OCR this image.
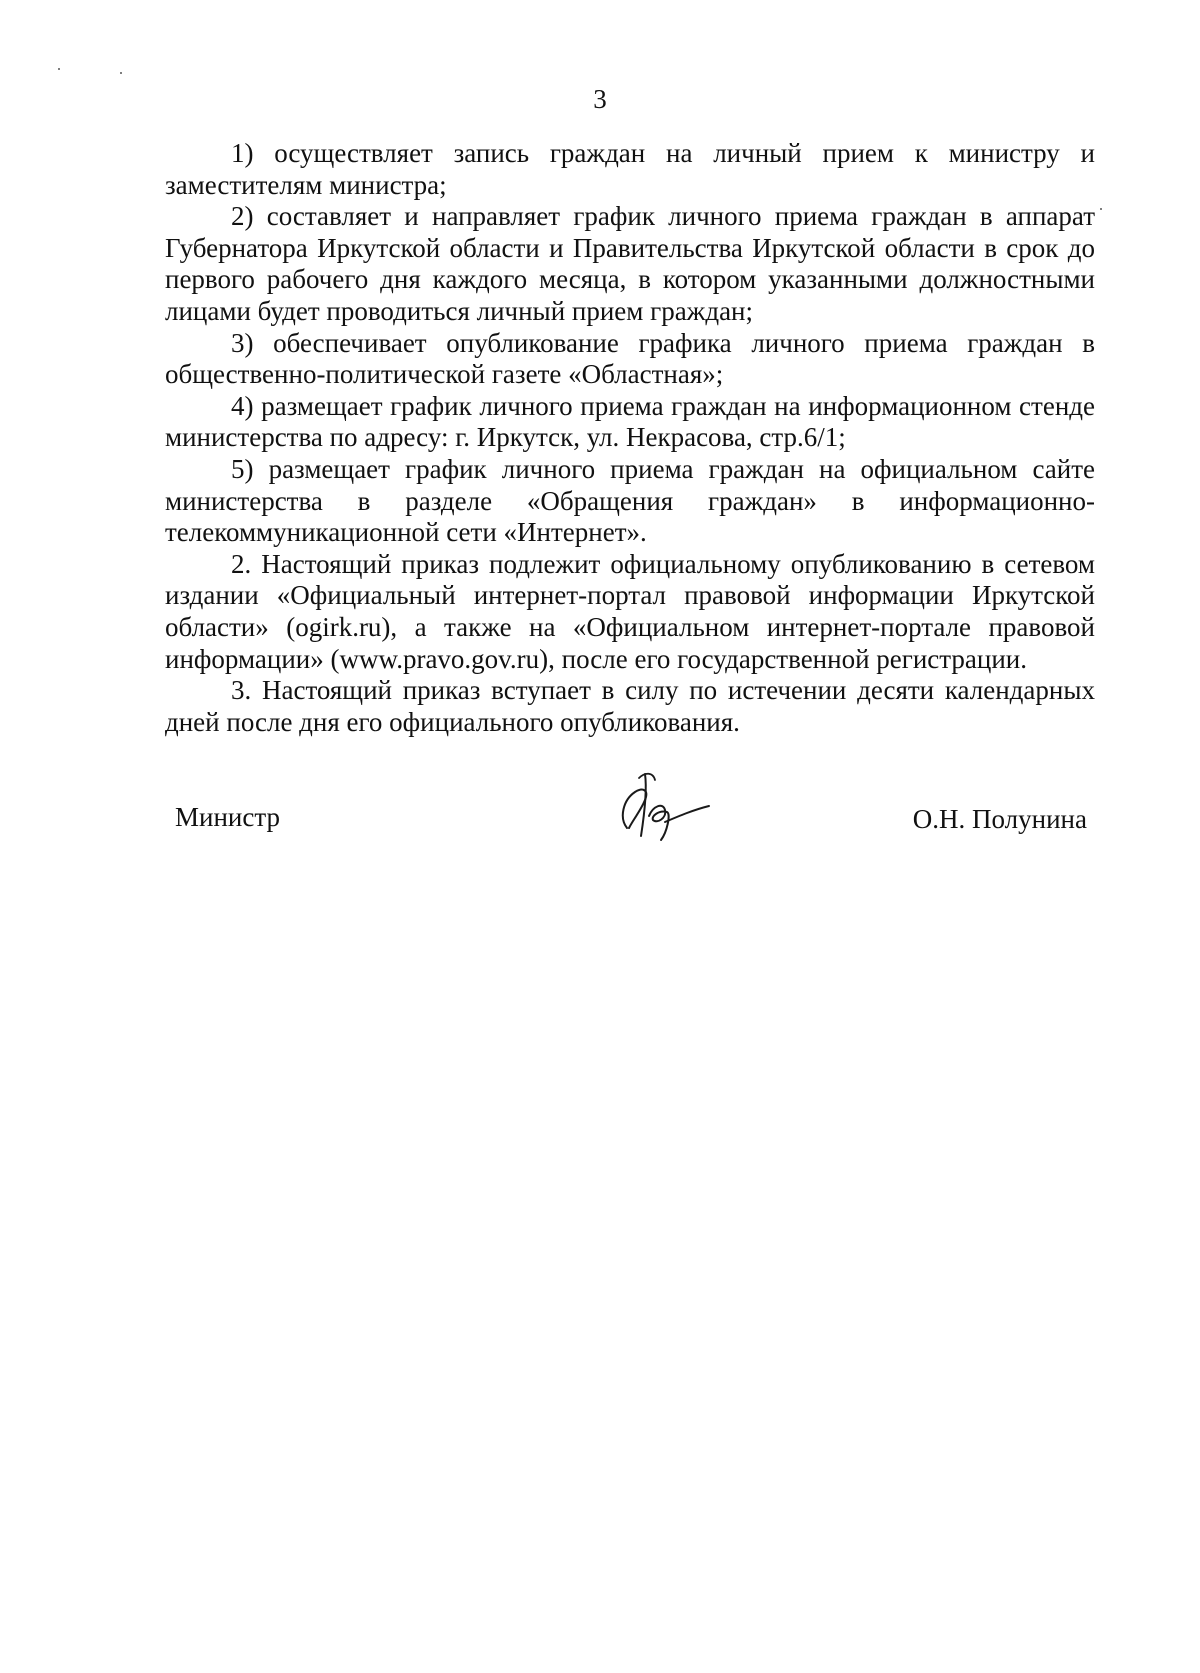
3

1) осуществляет запись граждан на личный прием к министру и заместителям министра;

2) составляет и направляет график личного приема граждан в аппарат Губернатора Иркутской области и Правительства Иркутской области в срок до первого рабочего дня каждого месяца, в котором указанными должностными лицами будет проводиться личный прием граждан;

3) обеспечивает опубликование графика личного приема граждан в общественно-политической газете «Областная»;

4) размещает график личного приема граждан на информационном стенде министерства по адресу: г. Иркутск, ул. Некрасова, стр.6/1;

5) размещает график личного приема граждан на официальном сайте министерства в разделе «Обращения граждан» в информационно-телекоммуникационной сети «Интернет».

2. Настоящий приказ подлежит официальному опубликованию в сетевом издании «Официальный интернет-портал правовой информации Иркутской области» (ogirk.ru), а также на «Официальном интернет-портале правовой информации» (www.pravo.gov.ru), после его государственной регистрации.

3. Настоящий приказ вступает в силу по истечении десяти календарных дней после дня его официального опубликования.

Министр	О.Н. Полунина
